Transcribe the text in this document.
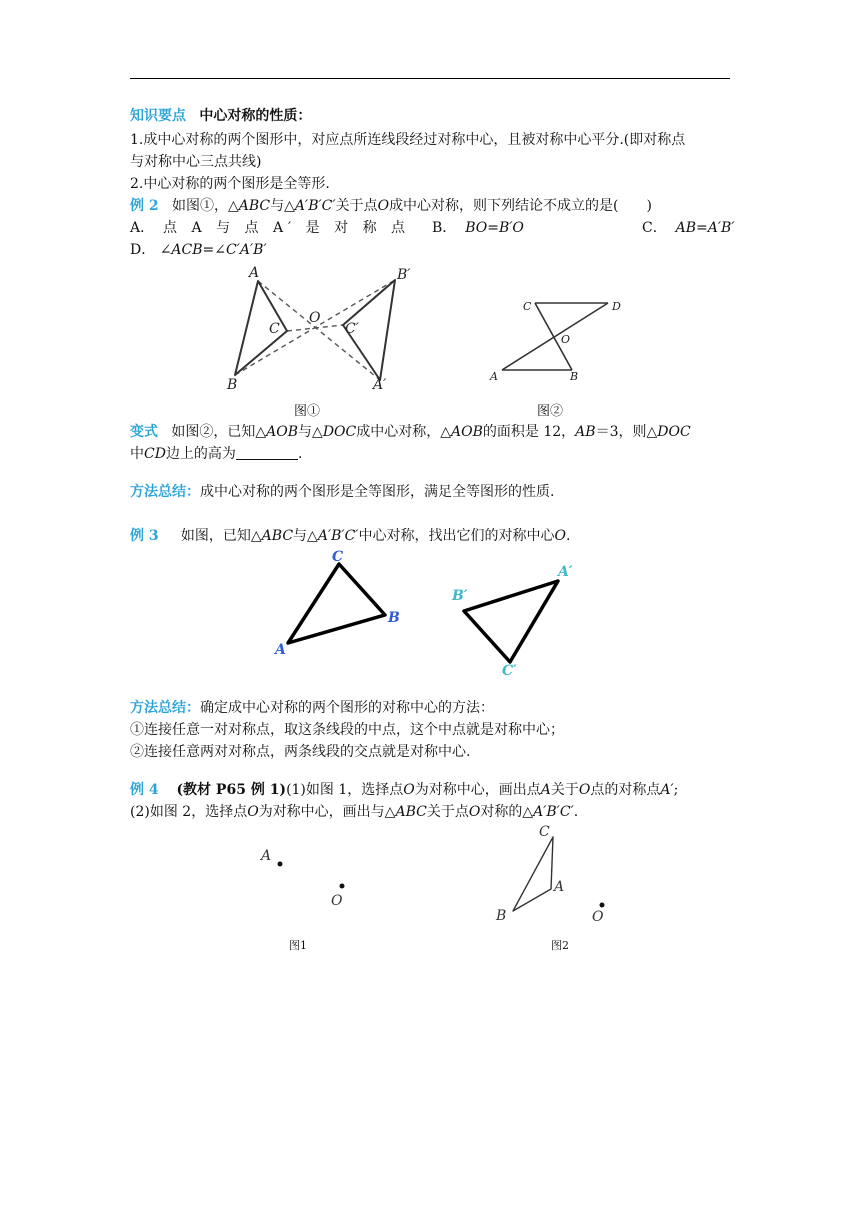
知识要点 中心对称的性质：
1.成中心对称的两个图形中，对应点所连线段经过对称中心，且被对称中心平分.(即对称点
与对称中心三点共线)
2.中心对称的两个图形是全等形.
例 2 如图①，△ABC与△A′B′C′关于点O成中心对称，则下列结论不成立的是(　　)
A． 点 A 与 点 A′ 是 对 称 点 B． BO=B′O	C． AB=A′B′
D． ∠ACB=∠C′A′B′
A
B
C
O
C′
B′
A′
图①
C	D
O
A	B
图②
变式 如图②，已知△AOB与△DOC成中心对称，△AOB的面积是 12，AB＝3，则△DOC
中CD边上的高为	.
方法总结：成中心对称的两个图形是全等图形，满足全等图形的性质.
例 3 如图，已知△ABC与△A′B′C′中心对称，找出它们的对称中心O.
C
B
A
A′
B′
C′
方法总结：确定成中心对称的两个图形的对称中心的方法：
①连接任意一对对称点，取这条线段的中点，这个中点就是对称中心；
②连接任意两对对称点，两条线段的交点就是对称中心.
例 4 (教材 P65 例 1)(1)如图 1，选择点O为对称中心，画出点A关于O点的对称点A′;
(2)如图 2，选择点O为对称中心，画出与△ABC关于点O对称的△A′B′C′.
A
O
图1
C
A
B	O
图2
